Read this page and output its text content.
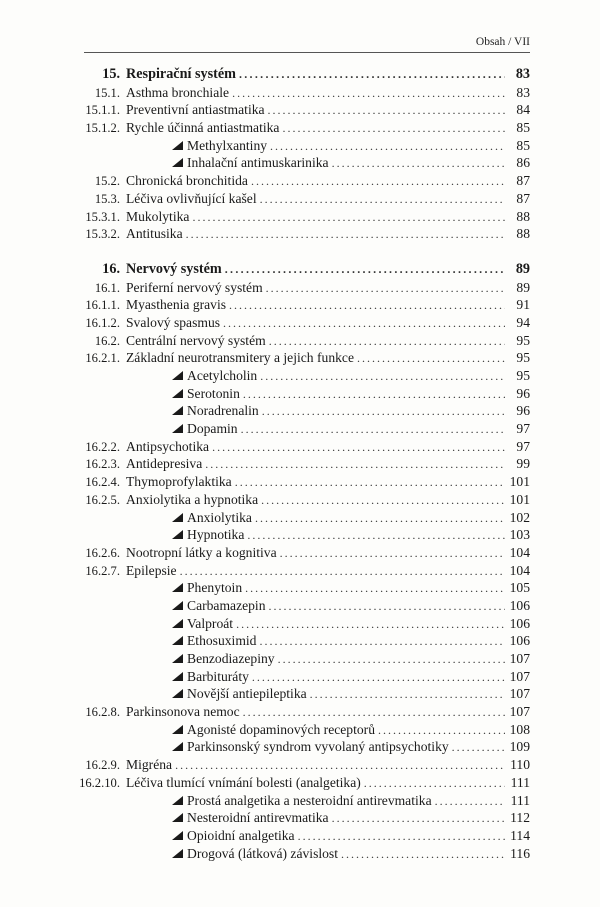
Obsah / VII
15. Respirační systém .....	83
15.1. Asthma bronchiale .....	83
15.1.1. Preventivní antiastmatika .....	84
15.1.2. Rychle účinná antiastmatika .....	85
Methylxantiny .....	85
Inhalační antimuskarinika .....	86
15.2. Chronická bronchitida .....	87
15.3. Léčiva ovlivňující kašel .....	87
15.3.1. Mukolytika .....	88
15.3.2. Antitusika .....	88
16. Nervový systém .....	89
16.1. Periferní nervový systém .....	89
16.1.1. Myasthenia gravis .....	91
16.1.2. Svalový spasmus .....	94
16.2. Centrální nervový systém .....	95
16.2.1. Základní neurotransmitery a jejich funkce .....	95
Acetylcholin .....	95
Serotonin .....	96
Noradrenalin .....	96
Dopamin .....	97
16.2.2. Antipsychotika .....	97
16.2.3. Antidepresiva .....	99
16.2.4. Thymoprofylaktika .....	101
16.2.5. Anxiolytika a hypnotika .....	101
Anxiolytika .....	102
Hypnotika .....	103
16.2.6. Nootropní látky a kognitiva .....	104
16.2.7. Epilepsie .....	104
Phenytoin .....	105
Carbamazepin .....	106
Valproát .....	106
Ethosuximid .....	106
Benzodiazepiny .....	107
Barbituráty .....	107
Novější antiepileptika .....	107
16.2.8. Parkinsonova nemoc .....	107
Agonisté dopaminových receptorů .....	108
Parkinsonský syndrom vyvolaný antipsychotiky .....	109
16.2.9. Migréna .....	110
16.2.10. Léčiva tlumící vnímání bolesti (analgetika) .....	111
Prostá analgetika a nesteroidní antirevmatika .....	111
Nesteroidní antirevmatika .....	112
Opioidní analgetika .....	114
Drogová (látková) závislost .....	116
